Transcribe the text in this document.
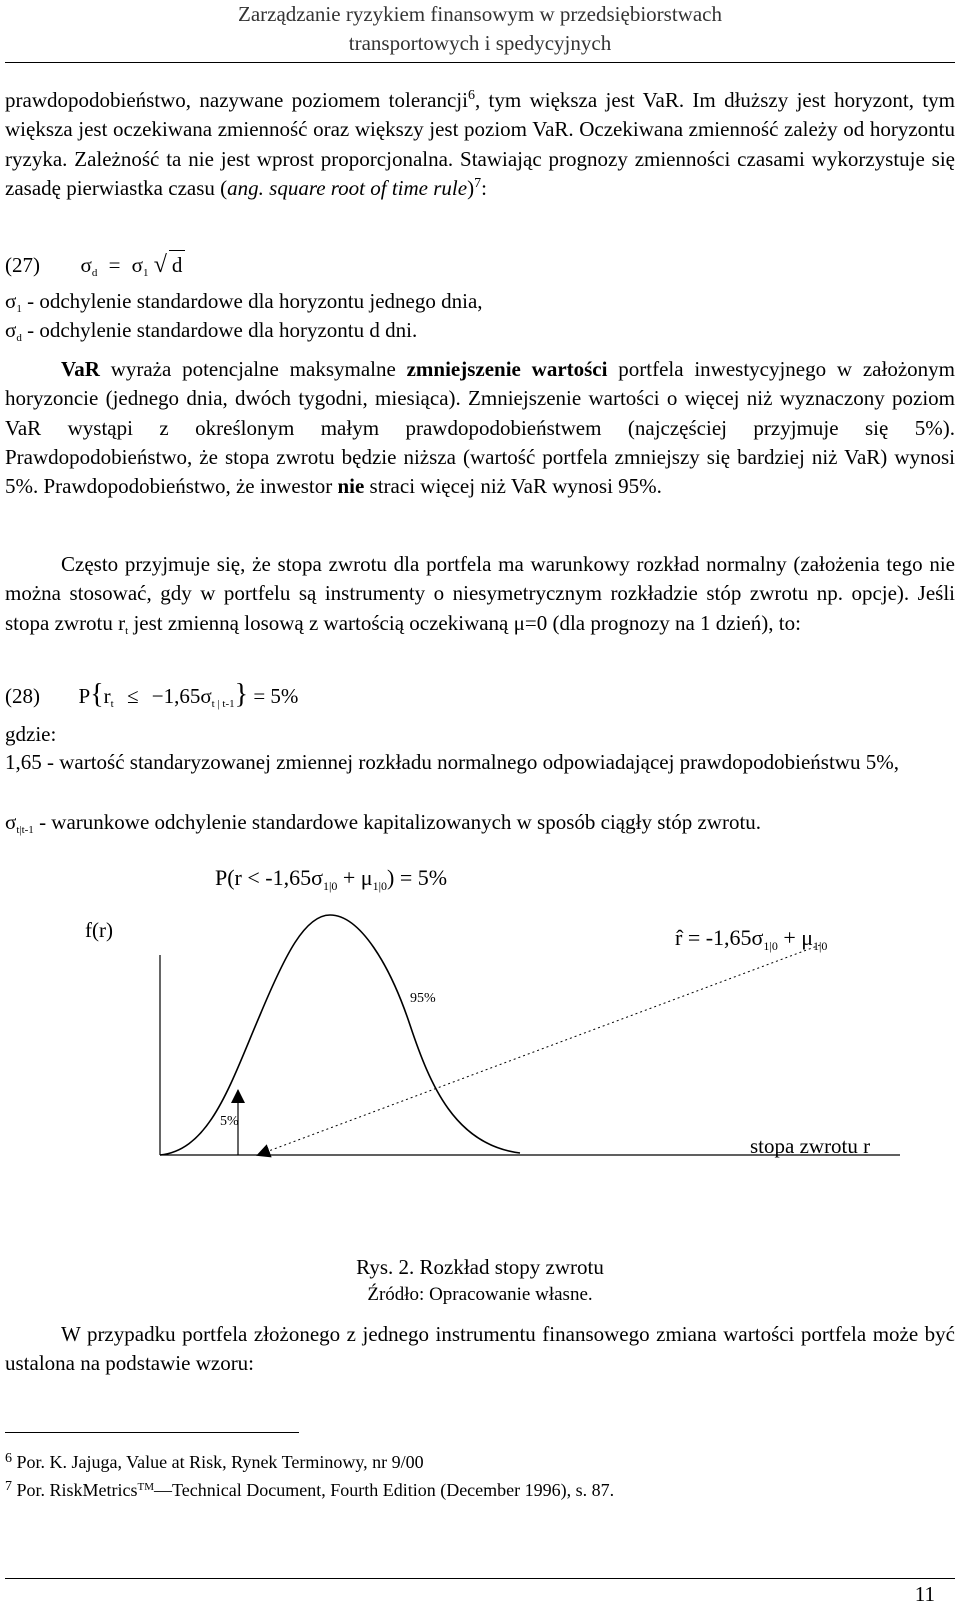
Zarządzanie ryzykiem finansowym w przedsiębiorstwach
transportowych i spedycyjnych

prawdopodobieństwo, nazywane poziomem tolerancji$^6$, tym większa jest VaR. Im dłuższy jest horyzont, tym większa jest oczekiwana zmienność oraz większy jest poziom VaR. Oczekiwana zmienność zależy od horyzontu ryzyka. Zależność ta nie jest wprost proporcjonalna. Stawiając prognozy zmienności czasami wykorzystuje się zasadę pierwiastka czasu (ang. square root of time rule)$^7$:

(27) $\sigma_d = \sigma_1$ √ d
$\sigma_1$ - odchylenie standardowe dla horyzontu jednego dnia,
$\sigma_d$ - odchylenie standardowe dla horyzontu d dni.

VaR wyraża potencjalne maksymalne zmniejszenie wartości portfela inwestycyjnego w założonym horyzoncie (jednego dnia, dwóch tygodni, miesiąca). Zmniejszenie wartości o więcej niż wyznaczony poziom VaR wystąpi z określonym małym prawdopodobieństwem (najczęściej przyjmuje się 5%). Prawdopodobieństwo, że stopa zwrotu będzie niższa (wartość portfela zmniejszy się bardziej niż VaR) wynosi 5%. Prawdopodobieństwo, że inwestor nie straci więcej niż VaR wynosi 95%.

Często przyjmuje się, że stopa zwrotu dla portfela ma warunkowy rozkład normalny (założenia tego nie można stosować, gdy w portfelu są instrumenty o niesymetrycznym rozkładzie stóp zwrotu np. opcje). Jeśli stopa zwrotu $r_t$ jest zmienną losową z wartością oczekiwaną μ=0 (dla prognozy na 1 dzień), to:

(28) $P\{r_t \le -1,65\sigma_{t | t-1}\} = 5\%$
gdzie:

1,65 - wartość standaryzowanej zmiennej rozkładu normalnego odpowiadającej prawdopodobieństwu 5%,

$\sigma_{t|t-1}$ - warunkowe odchylenie standardowe kapitalizowanych w sposób ciągły stóp zwrotu.
$P(r < -1,65\sigma_{1|0} + \mu_{1|0}) = 5\%$
f(r)	r̂ = $-1,65\sigma_{1|0} + \mu_{1|0}$
95%
5%
stopa zwrotu r
Rys. 2. Rozkład stopy zwrotu
Źródło: Opracowanie własne.

W przypadku portfela złożonego z jednego instrumentu finansowego zmiana wartości portfela może być ustalona na podstawie wzoru:

$^6$ Por. K. Jajuga, Value at Risk, Rynek Terminowy, nr 9/00
$^7$ Por. RiskMetrics™—Technical Document, Fourth Edition (December 1996), s. 87.
11
